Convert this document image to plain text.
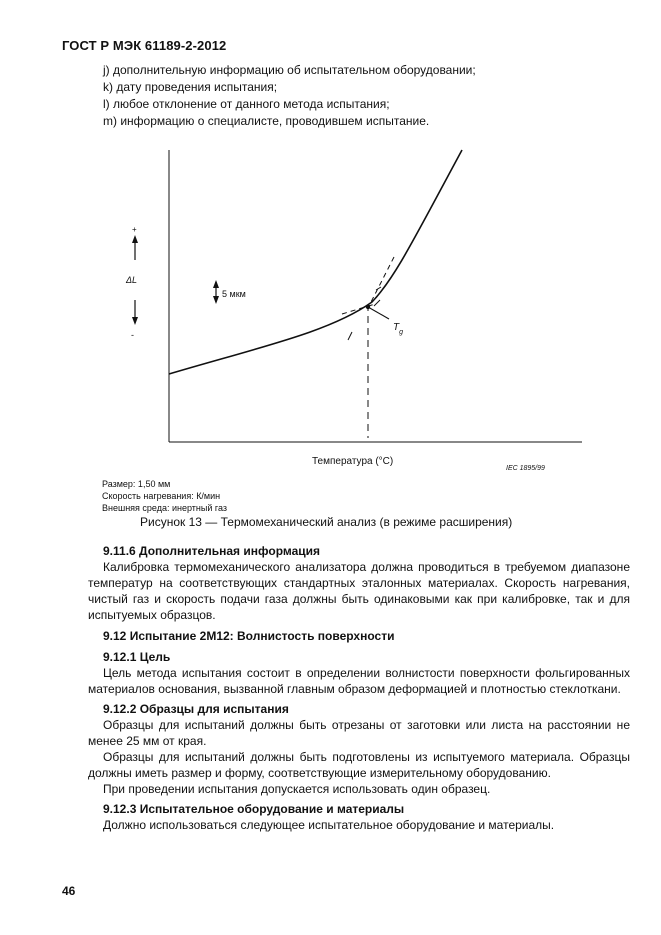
ГОСТ Р МЭК 61189-2-2012
j) дополнительную информацию об испытательном оборудовании;
k) дату проведения испытания;
l) любое отклонение от данного метода испытания;
m) информацию о специалисте, проводившем испытание.
$T_g$
+
ΔL
-
5 мкм
Температура (°C)
IEC 1895/99
Размер: 1,50 мм
Скорость нагревания: К/мин
Внешняя среда: инертный газ
Рисунок 13 — Термомеханический анализ (в режиме расширения)
9.11.6 Дополнительная информация

Калибровка термомеханического анализатора должна проводиться в требуемом диапазоне температур на соответствующих стандартных эталонных материалах. Скорость нагревания, чистый газ и скорость подачи газа должны быть одинаковыми как при калибровке, так и для испытуемых образцов.

9.12 Испытание 2M12: Волнистость поверхности
9.12.1 Цель

Цель метода испытания состоит в определении волнистости поверхности фольгированных материалов основания, вызванной главным образом деформацией и плотностью стеклоткани.

9.12.2 Образцы для испытания

Образцы для испытаний должны быть отрезаны от заготовки или листа на расстоянии не менее 25 мм от края.

Образцы для испытаний должны быть подготовлены из испытуемого материала. Образцы должны иметь размер и форму, соответствующие измерительному оборудованию.

При проведении испытания допускается использовать один образец.

9.12.3 Испытательное оборудование и материалы

Должно использоваться следующее испытательное оборудование и материалы.

46
